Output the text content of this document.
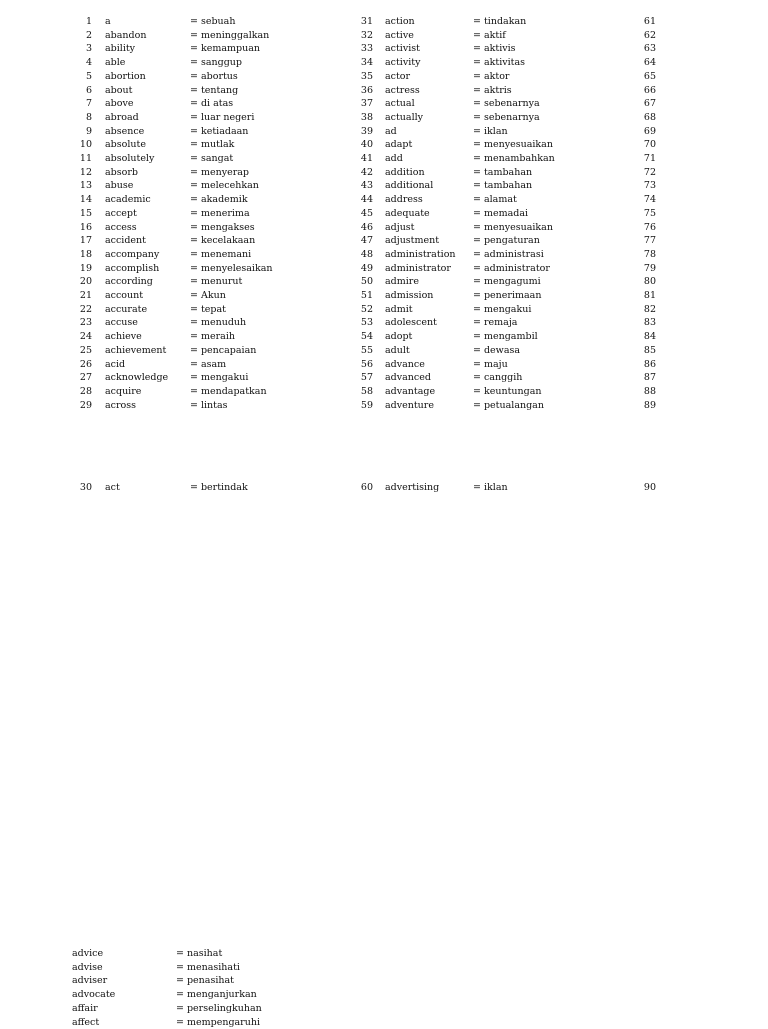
1 a	= sebuah	31 action	= tindakan	61
2 abandon	= meninggalkan	32 active	= aktif	62
3 ability	= kemampuan	33 activist	= aktivis	63
4 able	= sanggup	34 activity	= aktivitas	64
5 abortion	= abortus	35 actor	= aktor	65
6 about	= tentang	36 actress	= aktris	66
7 above	= di atas	37 actual	= sebenarnya	67
8 abroad	= luar negeri	38 actually	= sebenarnya	68
9 absence	= ketiadaan	39 ad	= iklan	69
10 absolute	= mutlak	40 adapt	= menyesuaikan	70
11 absolutely	= sangat	41 add	= menambahkan	71
12 absorb	= menyerap	42 addition	= tambahan	72
13 abuse	= melecehkan	43 additional	= tambahan	73
14 academic	= akademik	44 address	= alamat	74
15 accept	= menerima	45 adequate	= memadai	75
16 access	= mengakses	46 adjust	= menyesuaikan	76
17 accident	= kecelakaan	47 adjustment	= pengaturan	77
18 accompany	= menemani	48 administration = administrasi	78
19 accomplish	= menyelesaikan	49 administrator = administrator	79
20 according	= menurut	50 admire	= mengagumi	80
21 account	= Akun	51 admission	= penerimaan	81
22 accurate	= tepat	52 admit	= mengakui	82
23 accuse	= menuduh	53 adolescent	= remaja	83
24 achieve	= meraih	54 adopt	= mengambil	84
25 achievement = pencapaian	55 adult	= dewasa	85
26 acid	= asam	56 advance	= maju	86
27 acknowledge = mengakui	57 advanced	= canggih	87
28 acquire	= mendapatkan	58 advantage	= keuntungan	88
29 across	= lintas	59 adventure	= petualangan	89
30 act	= bertindak	60 advertising	= iklan	90
advice	= nasihat
advise	= menasihati
adviser	= penasihat
advocate	= menganjurkan
affair	= perselingkuhan
affect	= mempengaruhi
